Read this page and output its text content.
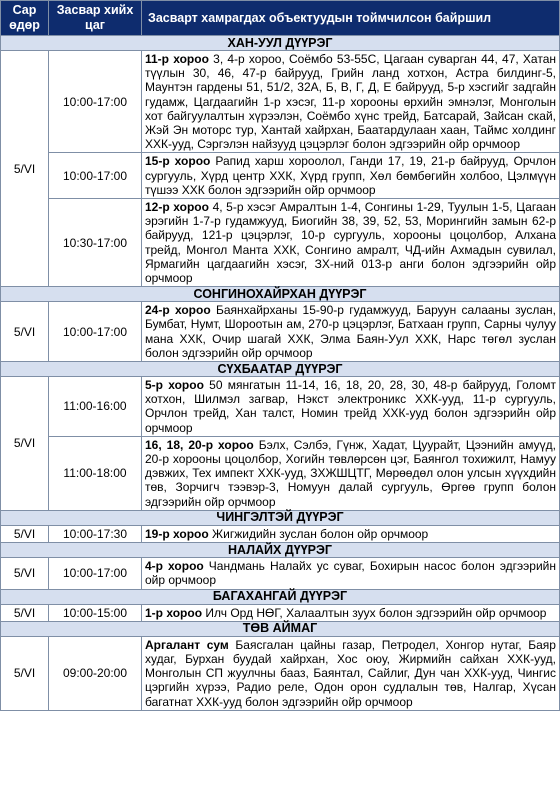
Сар өдөр	Засвар хийх цаг	Засварт хамрагдах объектуудын тоймчилсон байршил
ХАН-УУЛ ДҮҮРЭГ		
5/VI	10:00-17:00	11-р хороо 3, 4-р хороо, Соёмбо 53-55С, Цагаан суварган 44, 47, Хатан түүлын 30, 46, 47-р байрууд, Грийн ланд хотхон, Астра билдинг-5, Маунтэн гардены 51, 51/2, 32А, Б, В, Г, Д, Е байрууд, 5-р хэсгийг задгайн гудамж, Цагдаагийн 1-р хэсэг, 11-р хорооны өрхийн эмнэлэг, Монголын хот байгуулалтын хүрээлэн, Соёмбо хүнс трейд, Батсарай, Зайсан скай, Жэй Эн моторс тур, Хантай хайрхан, Баатардулаан хаан, Таймс холдинг ХХК-ууд, Сэргэлэн найзууд цэцэрлэг болон эдгээрийн ойр орчмоор
	10:00-17:00	15-р хороо Рапид харш хороолол, Ганди 17, 19, 21-р байрууд, Орчлон сургууль, Хүрд центр ХХК, Хүрд групп, Хөл бөмбөгийн холбоо, Цэлмүүн түшээ ХХК болон эдгээрийн ойр орчмоор
	10:30-17:00	12-р хороо 4, 5-р хэсэг Амралтын 1-4, Сонгины 1-29, Туулын 1-5, Цагаан эрэгийн 1-7-р гудамжууд, Биогийн 38, 39, 52, 53, Морингийн замын 62-р байрууд, 121-р цэцэрлэг, 10-р сургууль, хорооны цоцолбор, Алхана трейд, Монгол Манта ХХК, Сонгино амралт, ЧД-ийн Ахмадын сувилал, Ярмагийн цагдаагийн хэсэг, ЗХ-ний 013-р анги болон эдгээрийн ойр орчмоор
СОНГИНОХАЙРХАН ДҮҮРЭГ		
5/VI	10:00-17:00	24-р хороо Баянхайрханы 15-90-р гудамжууд, Баруун салааны зуслан, Бумбат, Нумт, Шороотын ам, 270-р цэцэрлэг, Батхаан групп, Сарны чулуу мана ХХК, Очир шагай ХХК, Элма Баян-Уул ХХК, Нарс төгөл зуслан болон эдгээрийн ойр орчмоор
СҮХБААТАР ДҮҮРЭГ		
5/VI	11:00-16:00	5-р хороо 50 мянгатын 11-14, 16, 18, 20, 28, 30, 48-р байрууд, Голомт хотхон, Шилмэл загвар, Нэкст электроникс ХХК-ууд, 11-р сургууль, Орчлон трейд, Хан талст, Номин трейд ХХК-ууд болон эдгээрийн ойр орчмоор
	11:00-18:00	16, 18, 20-р хороо Бэлх, Сэлбэ, Гүнж, Хадат, Цуурайт, Цээнийн амуүд, 20-р хорооны цоцолбор, Хогийн төвлөрсөн цэг, Баянгол тохижилт, Намуу дэвжих, Тех импект ХХК-ууд, ЗХЖШЦТГ, Мөрөөдөл олон улсын хүүхдийн төв, Зорчигч тээвэр-3, Номуун далай сургууль, Өргөө групп болон эдгээрийн ойр орчмоор
ЧИНГЭЛТЭЙ ДҮҮРЭГ		
5/VI	10:00-17:30	19-р хороо Жигжидийн зуслан болон ойр орчмоор
НАЛАЙХ ДҮҮРЭГ		
5/VI	10:00-17:00	4-р хороо Чандмань Налайх ус суваг, Бохирын насос болон эдгээрийн ойр орчмоор
БАГАХАНГАЙ ДҮҮРЭГ		
5/VI	10:00-15:00	1-р хороо Илч Орд НӨГ, Халаалтын зуух болон эдгээрийн ойр орчмоор
ТӨВ АЙМАГ		
5/VI	09:00-20:00	Аргалант сум Баясгалан цайны газар, Петродел, Хонгор нутаг, Баяр худаг, Бурхан буудай хайрхан, Хос оюу, Жирмийн сайхан ХХК-ууд, Монголын СП жуулчны бааз, Баянтал, Сайлиг, Дун чан ХХК-ууд, Чингис цэргийн хүрээ, Радио реле, Одон орон судлалын төв, Налгар, Хүсан багатнат ХХК-ууд болон эдгээрийн ойр орчмоор
